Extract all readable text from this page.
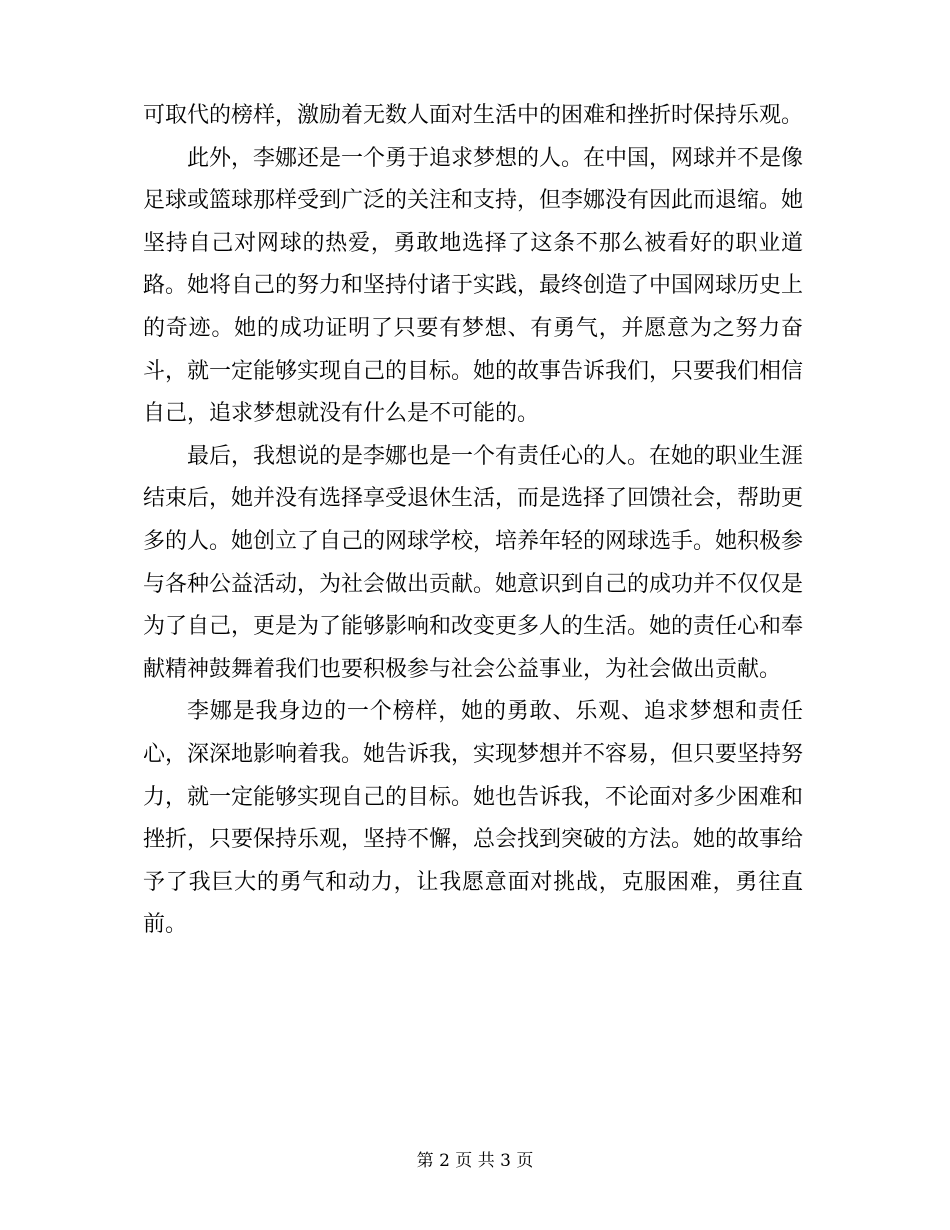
可取代的榜样，激励着无数人面对生活中的困难和挫折时保持乐观。

此外，李娜还是一个勇于追求梦想的人。在中国，网球并不是像足球或篮球那样受到广泛的关注和支持，但李娜没有因此而退缩。她坚持自己对网球的热爱，勇敢地选择了这条不那么被看好的职业道路。她将自己的努力和坚持付诸于实践，最终创造了中国网球历史上的奇迹。她的成功证明了只要有梦想、有勇气，并愿意为之努力奋斗，就一定能够实现自己的目标。她的故事告诉我们，只要我们相信自己，追求梦想就没有什么是不可能的。

最后，我想说的是李娜也是一个有责任心的人。在她的职业生涯结束后，她并没有选择享受退休生活，而是选择了回馈社会，帮助更多的人。她创立了自己的网球学校，培养年轻的网球选手。她积极参与各种公益活动，为社会做出贡献。她意识到自己的成功并不仅仅是为了自己，更是为了能够影响和改变更多人的生活。她的责任心和奉献精神鼓舞着我们也要积极参与社会公益事业，为社会做出贡献。

李娜是我身边的一个榜样，她的勇敢、乐观、追求梦想和责任心，深深地影响着我。她告诉我，实现梦想并不容易，但只要坚持努力，就一定能够实现自己的目标。她也告诉我，不论面对多少困难和挫折，只要保持乐观，坚持不懈，总会找到突破的方法。她的故事给予了我巨大的勇气和动力，让我愿意面对挑战，克服困难，勇往直前。

第 2 页 共 3 页
